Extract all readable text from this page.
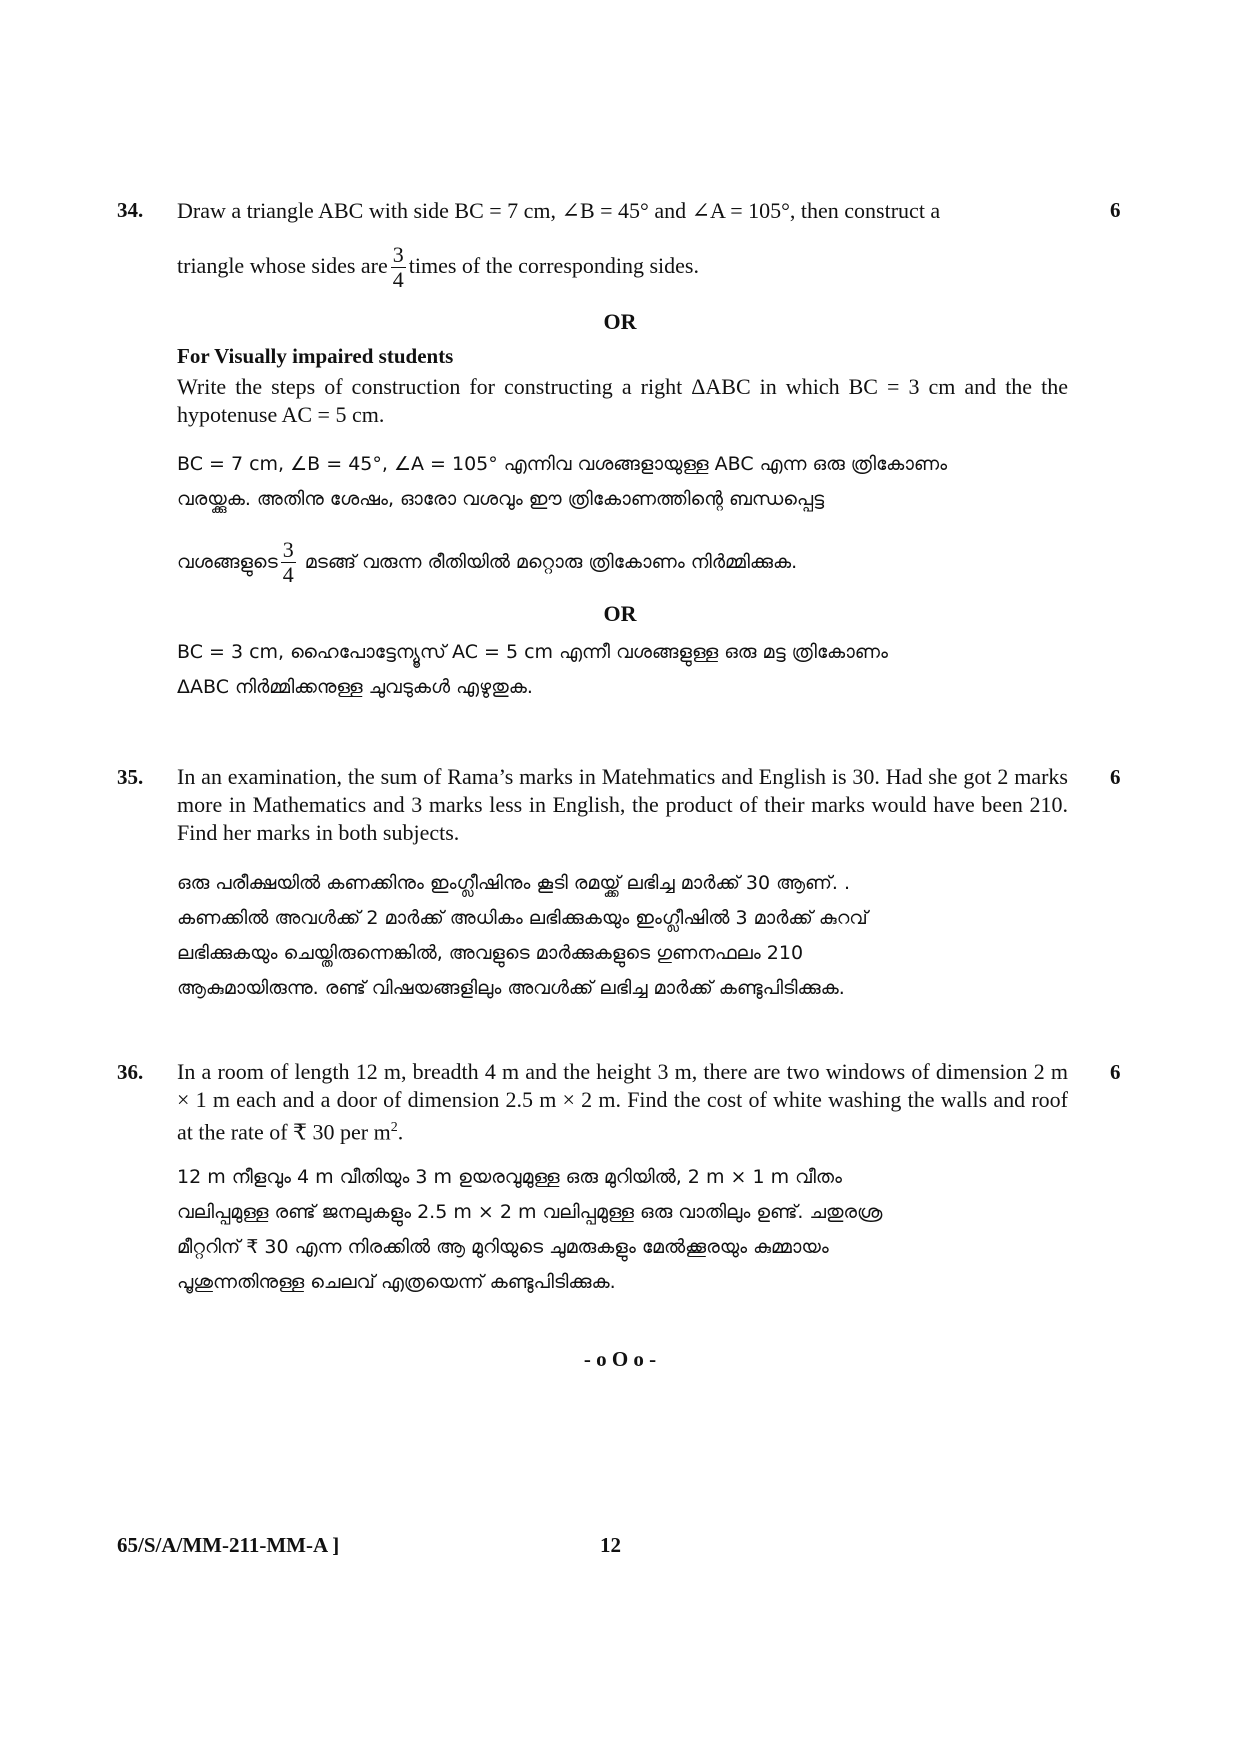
34.	6

Draw a triangle ABC with side BC = 7 cm, ∠B = 45° and ∠A = 105°, then construct a

triangle whose sides are $\frac{3}{4}$ times of the corresponding sides.

OR

For Visually impaired students

Write the steps of construction for constructing a right ΔABC in which BC = 3 cm and the the hypotenuse AC = 5 cm.

BC = 7 cm, ∠B = 45°, ∠A = 105° എന്നിവ വശങ്ങളായുള്ള ABC എന്ന ഒരു ത്രികോണം

വരയ്ക്കുക. അതിനു ശേഷം, ഓരോ വശവും ഈ ത്രികോണത്തിന്റെ ബന്ധപ്പെട്ട

വശങ്ങളുടെ $\frac{3}{4}$ മടങ്ങ് വരുന്ന രീതിയിൽ മറ്റൊരു ത്രികോണം നിർമ്മിക്കുക.

OR

BC = 3 cm, ഹൈപോട്ടേന്യൂസ് AC = 5 cm എന്നീ വശങ്ങളുള്ള ഒരു മട്ട ത്രികോണം

ΔABC നിർമ്മിക്കനുള്ള ചുവടുകൾ എഴുതുക.

35.	6

In an examination, the sum of Rama’s marks in Matehmatics and English is 30. Had she got 2 marks more in Mathematics and 3 marks less in English, the product of their marks would have been 210. Find her marks in both subjects.

ഒരു പരീക്ഷയിൽ കണക്കിനും ഇംഗ്ലീഷിനും കൂടി രമയ്ക്ക് ലഭിച്ച മാർക്ക് 30 ആണ്. .

കണക്കിൽ അവൾക്ക് 2 മാർക്ക് അധികം ലഭിക്കുകയും ഇംഗ്ലീഷിൽ 3 മാർക്ക് കുറവ്

ലഭിക്കുകയും ചെയ്തിരുന്നെങ്കിൽ, അവളുടെ മാർക്കുകളുടെ ഗുണനഫലം 210

ആകുമായിരുന്നു. രണ്ട് വിഷയങ്ങളിലും അവൾക്ക് ലഭിച്ച മാർക്ക് കണ്ടുപിടിക്കുക.

36.	6

In a room of length 12 m, breadth 4 m and the height 3 m, there are two windows of dimension 2 m × 1 m each and a door of dimension 2.5 m × 2 m. Find the cost of white washing the walls and roof at the rate of ₹ 30 per $m^2$.

12 m നീളവും 4 m വീതിയും 3 m ഉയരവുമുള്ള ഒരു മുറിയിൽ, 2 m × 1 m വീതം

വലിപ്പമുള്ള രണ്ട് ജനലുകളും 2.5 m × 2 m വലിപ്പമുള്ള ഒരു വാതിലും ഉണ്ട്. ചതുരശ്ര

മീറ്ററിന് ₹ 30 എന്ന നിരക്കിൽ ആ മുറിയുടെ ചുമരുകളും മേൽക്കൂരയും കുമ്മായം

പൂശുന്നതിനുള്ള ചെലവ് എത്രയെന്ന് കണ്ടുപിടിക്കുക.

- o O o -
65/S/A/MM-211-MM-A ]	12
